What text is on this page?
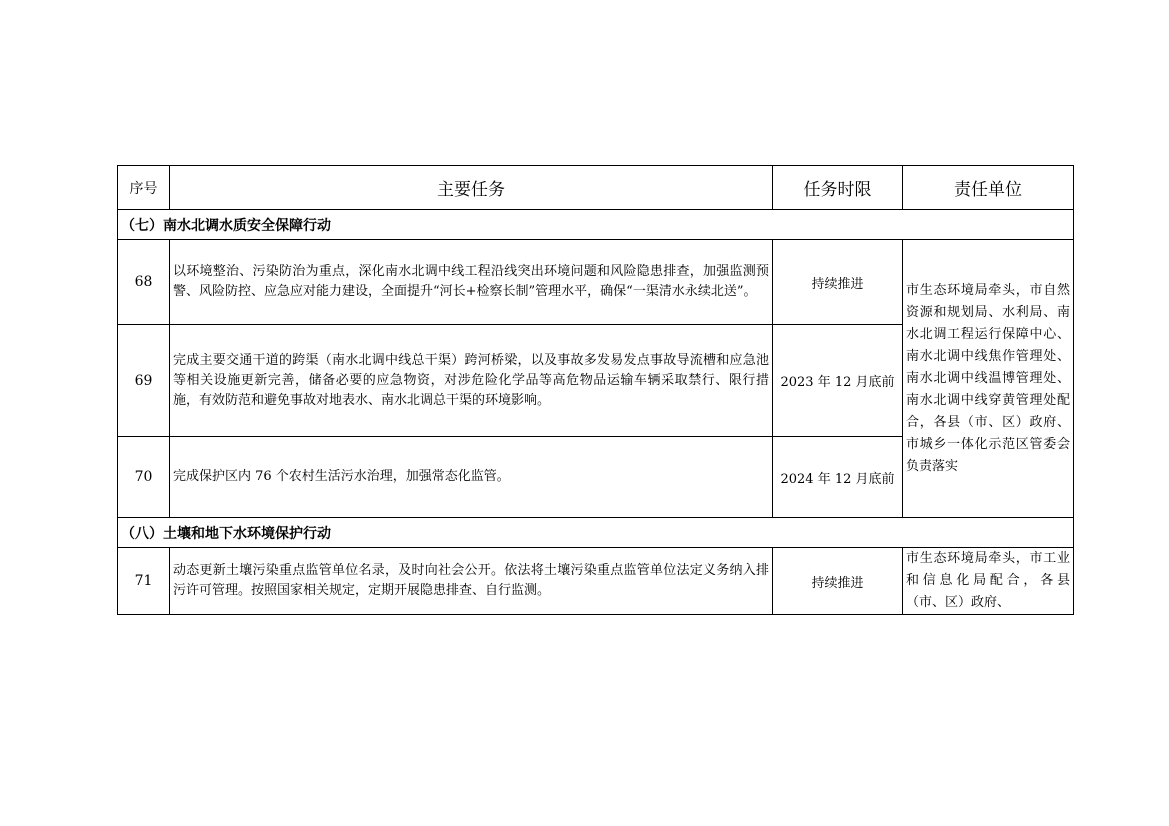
序号	主要任务	任务时限	责任单位
（七）南水北调水质安全保障行动			
68	以环境整治、污染防治为重点，深化南水北调中线工程沿线突出环境问题和风险隐患排查，加强监测预警、风险防控、应急应对能力建设，全面提升“河长+检察长制”管理水平，确保“一渠清水永续北送”。	持续推进	市生态环境局牵头，市自然资源和规划局、水利局、南水北调工程运行保障中心、南水北调中线焦作管理处、南水北调中线温博管理处、南水北调中线穿黄管理处配合，各县（市、区）政府、市城乡一体化示范区管委会负责落实
69	完成主要交通干道的跨渠（南水北调中线总干渠）跨河桥梁，以及事故多发易发点事故导流槽和应急池等相关设施更新完善，储备必要的应急物资，对涉危险化学品等高危物品运输车辆采取禁行、限行措施，有效防范和避免事故对地表水、南水北调总干渠的环境影响。	2023 年 12 月底前	
70	完成保护区内 76 个农村生活污水治理，加强常态化监管。	2024 年 12 月底前	
（八）土壤和地下水环境保护行动			
71	动态更新土壤污染重点监管单位名录，及时向社会公开。依法将土壤污染重点监管单位法定义务纳入排污许可管理。按照国家相关规定，定期开展隐患排查、自行监测。	持续推进	市生态环境局牵头，市工业和信息化局配合，各县（市、区）政府、
